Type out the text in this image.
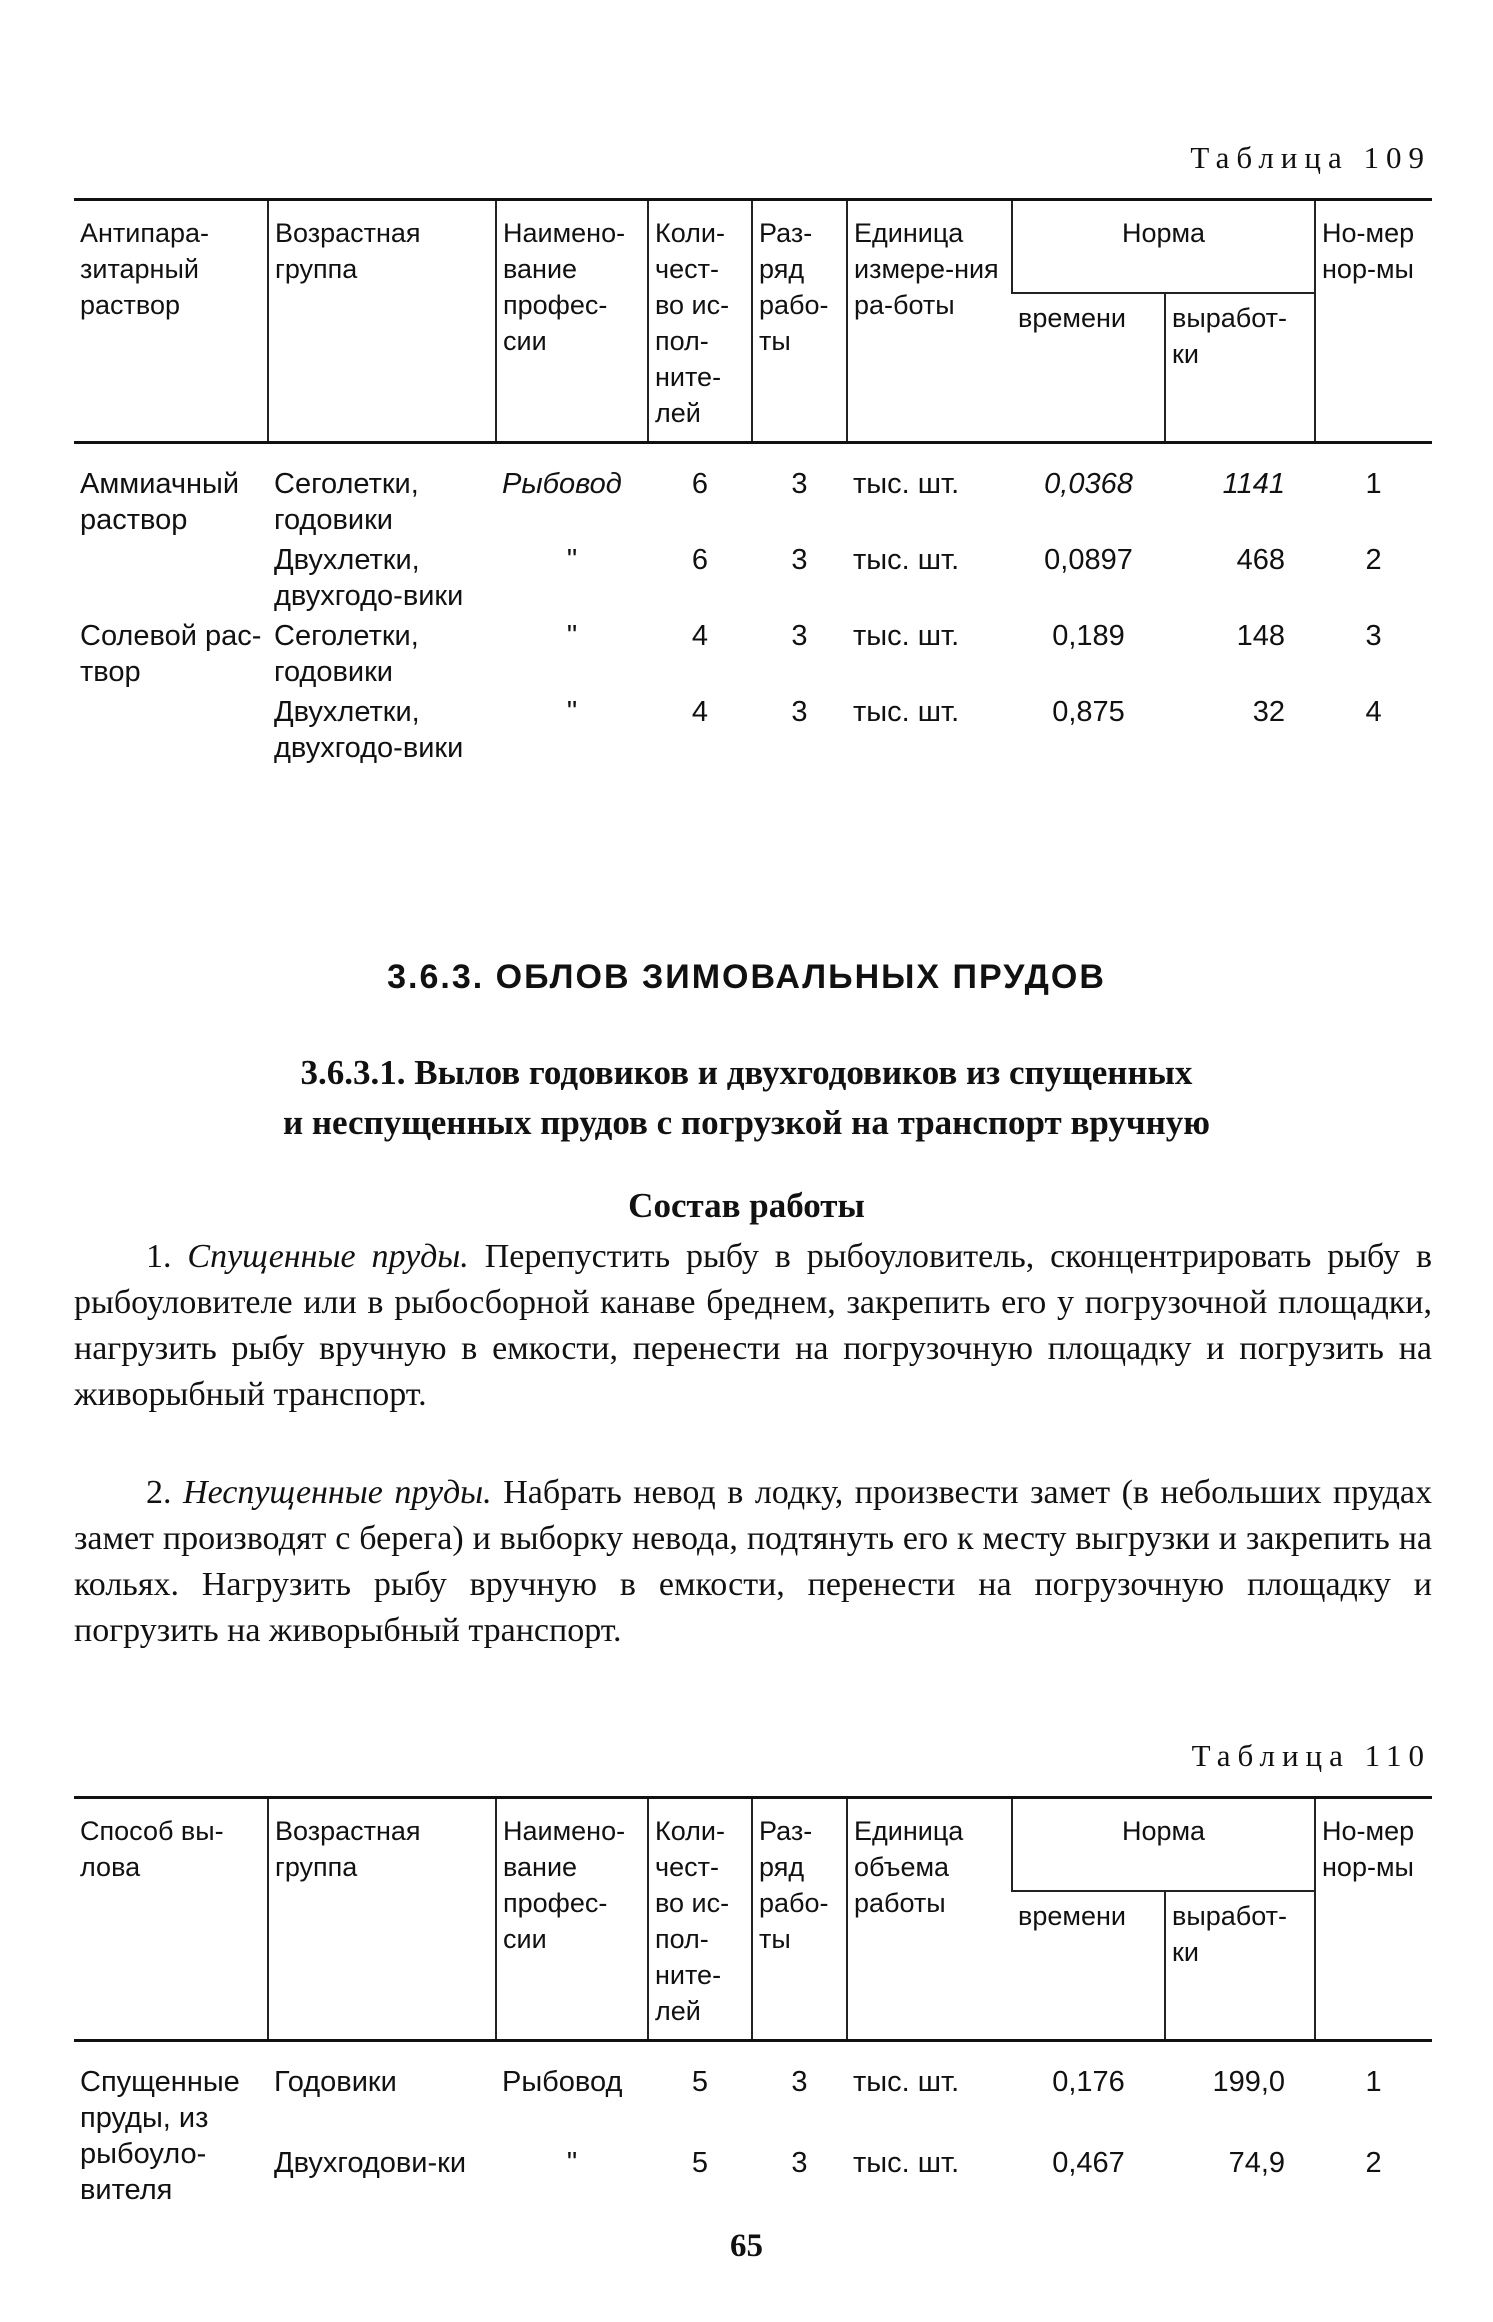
Таблица 109
Антипара-зитарный раствор	Возрастная группа	Наимено-вание профес-сии	Коли-чест-во ис-пол-ните-лей	Раз-ряд рабо-ты	Единица измере-ния ра-боты	Норма		Но-мер нор-мы
						времени	выработ-ки	
Аммиачный раствор	Сеголетки, годовики	Рыбовод	6	3	тыс. шт.	0,0368	1141	1
	Двухлетки, двухгодо-вики	"	6	3	тыс. шт.	0,0897	468	2
Солевой рас-твор	Сеголетки, годовики	"	4	3	тыс. шт.	0,189	148	3
	Двухлетки, двухгодо-вики	"	4	3	тыс. шт.	0,875	32	4
3.6.3. ОБЛОВ ЗИМОВАЛЬНЫХ ПРУДОВ
3.6.3.1. Вылов годовиков и двухгодовиков из спущенных
и неспущенных прудов с погрузкой на транспорт вручную
Состав работы

1. Спущенные пруды. Перепустить рыбу в рыбоуловитель, сконцентрировать рыбу в рыбоуловителе или в рыбосборной канаве бреднем, закрепить его у погрузочной площадки, нагрузить рыбу вручную в емкости, перенести на погрузочную площадку и погрузить на живорыбный транспорт.

2. Неспущенные пруды. Набрать невод в лодку, произвести замет (в небольших прудах замет производят с берега) и выборку невода, подтянуть его к месту выгрузки и закрепить на кольях. Нагрузить рыбу вручную в емкости, перенести на погрузочную площадку и погрузить на живорыбный транспорт.

Таблица 110
Способ вы-лова	Возрастная группа	Наимено-вание профес-сии	Коли-чест-во ис-пол-ните-лей	Раз-ряд рабо-ты	Единица объема работы	Норма		Но-мер нор-мы
						времени	выработ-ки	
Спущенные пруды, из рыбоуло-вителя	Годовики	Рыбовод	5	3	тыс. шт.	0,176	199,0	1
	Двухгодови-ки	"	5	3	тыс. шт.	0,467	74,9	2
65
